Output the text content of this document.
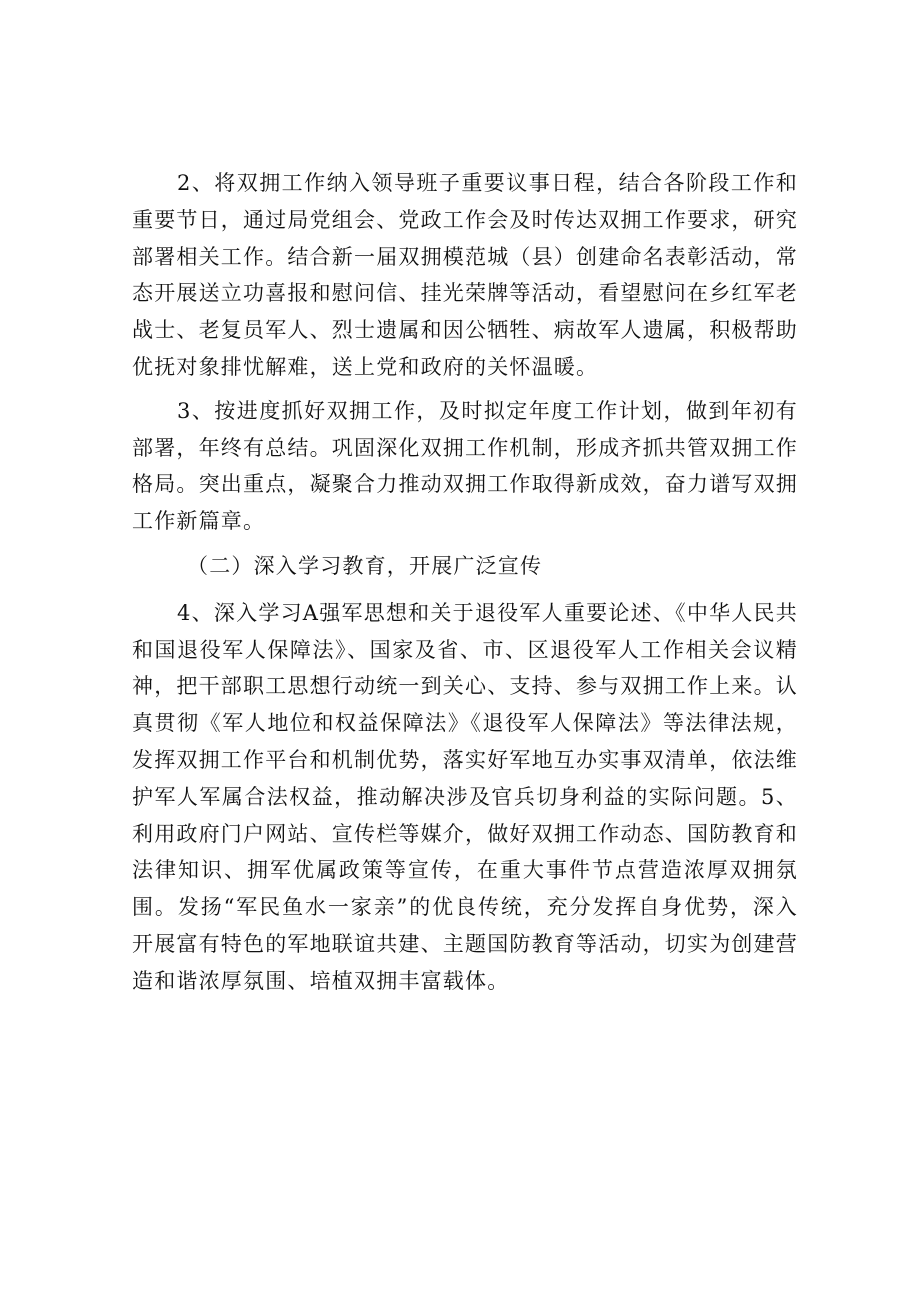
2、将双拥工作纳入领导班子重要议事日程，结合各阶段工作和重要节日，通过局党组会、党政工作会及时传达双拥工作要求，研究部署相关工作。结合新一届双拥模范城（县）创建命名表彰活动，常态开展送立功喜报和慰问信、挂光荣牌等活动，看望慰问在乡红军老战士、老复员军人、烈士遗属和因公牺牲、病故军人遗属，积极帮助优抚对象排忧解难，送上党和政府的关怀温暖。

3、按进度抓好双拥工作，及时拟定年度工作计划，做到年初有部署，年终有总结。巩固深化双拥工作机制，形成齐抓共管双拥工作格局。突出重点，凝聚合力推动双拥工作取得新成效，奋力谱写双拥工作新篇章。

（二）深入学习教育，开展广泛宣传

4、深入学习A强军思想和关于退役军人重要论述、《中华人民共和国退役军人保障法》、国家及省、市、区退役军人工作相关会议精神，把干部职工思想行动统一到关心、支持、参与双拥工作上来。认真贯彻《军人地位和权益保障法》《退役军人保障法》等法律法规，发挥双拥工作平台和机制优势，落实好军地互办实事双清单，依法维护军人军属合法权益，推动解决涉及官兵切身利益的实际问题。5、利用政府门户网站、宣传栏等媒介，做好双拥工作动态、国防教育和法律知识、拥军优属政策等宣传，在重大事件节点营造浓厚双拥氛围。发扬“军民鱼水一家亲”的优良传统，充分发挥自身优势，深入开展富有特色的军地联谊共建、主题国防教育等活动，切实为创建营造和谐浓厚氛围、培植双拥丰富载体。
